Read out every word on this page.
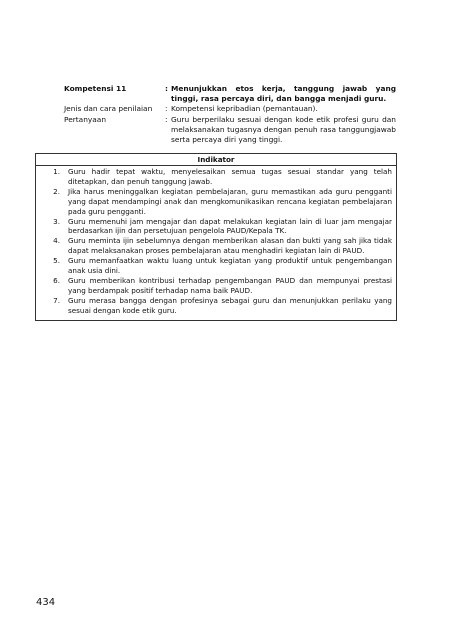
Kompetensi 11	: Menunjukkan etos kerja, tanggung jawab yang tinggi, rasa percaya diri, dan bangga menjadi guru.
Jenis dan cara penilaian	: Kompetensi kepribadian (pemantauan).
Pertanyaan	: Guru berperilaku sesuai dengan kode etik profesi guru dan melaksanakan tugasnya dengan penuh rasa tanggungjawab serta percaya diri yang tinggi.
Indikator
1.	Guru hadir tepat waktu, menyelesaikan semua tugas sesuai standar yang telah ditetapkan, dan penuh tanggung jawab.
2.	Jika harus meninggalkan kegiatan pembelajaran, guru memastikan ada guru pengganti yang dapat mendampingi anak dan mengkomunikasikan rencana kegiatan pembelajaran pada guru pengganti.
3.	Guru memenuhi jam mengajar dan dapat melakukan kegiatan lain di luar jam mengajar berdasarkan ijin dan persetujuan pengelola PAUD/Kepala TK.
4.	Guru meminta ijin sebelumnya dengan memberikan alasan dan bukti yang sah jika tidak dapat melaksanakan proses pembelajaran atau menghadiri kegiatan lain di PAUD.
5.	Guru memanfaatkan waktu luang untuk kegiatan yang produktif untuk pengembangan anak usia dini.
6.	Guru memberikan kontribusi terhadap pengembangan PAUD dan mempunyai prestasi yang berdampak positif terhadap nama baik PAUD.
7.	Guru merasa bangga dengan profesinya sebagai guru dan menunjukkan perilaku yang sesuai dengan kode etik guru.
434
